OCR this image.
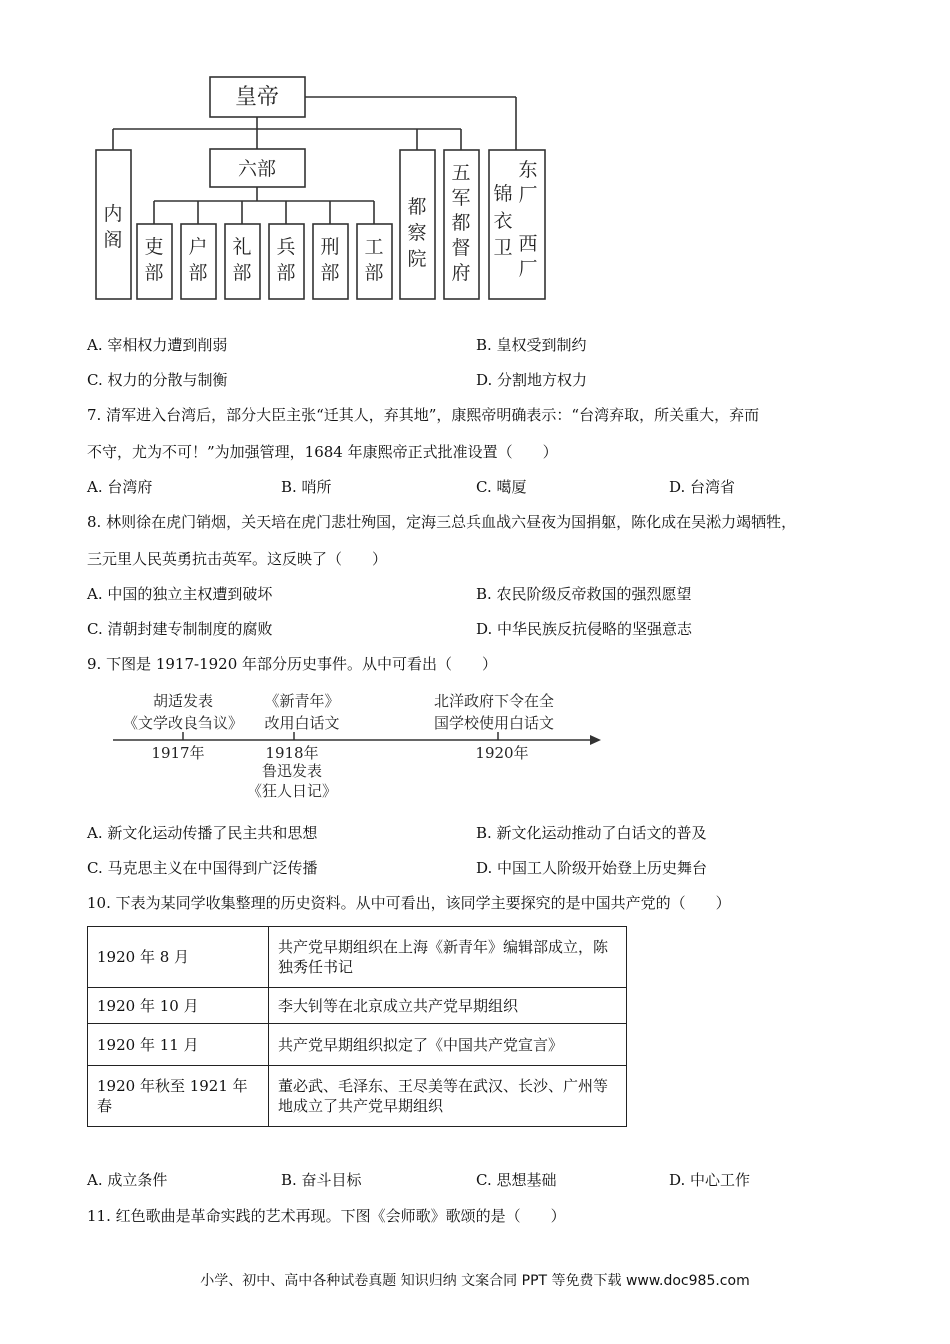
皇帝
六部
内
阁 吏
部
户
部
礼
部
兵
部
刑
部
工
部
都
察
院
五
军
都
督
府
锦
衣
卫
东
厂
西
厂
A. 宰相权力遭到削弱	B. 皇权受到制约
C. 权力的分散与制衡	D. 分割地方权力
7. 清军进入台湾后，部分大臣主张“迁其人，弃其地”，康熙帝明确表示：“台湾弃取，所关重大，弃而
不守，尤为不可！”为加强管理，1684 年康熙帝正式批准设置（　　）
A. 台湾府	B. 哨所	C. 噶厦	D. 台湾省
8. 林则徐在虎门销烟，关天培在虎门悲壮殉国，定海三总兵血战六昼夜为国捐躯，陈化成在吴淞力竭牺牲，
三元里人民英勇抗击英军。这反映了（　　）
A. 中国的独立主权遭到破坏	B. 农民阶级反帝救国的强烈愿望
C. 清朝封建专制制度的腐败	D. 中华民族反抗侵略的坚强意志
9. 下图是 1917-1920 年部分历史事件。从中可看出（　　）
胡适发表
《文学改良刍议》
《新青年》
改用白话文
北洋政府下令在全
国学校使用白话文
1917年	1918年	1920年
鲁迅发表
《狂人日记》
A. 新文化运动传播了民主共和思想	B. 新文化运动推动了白话文的普及
C. 马克思主义在中国得到广泛传播	D. 中国工人阶级开始登上历史舞台
10. 下表为某同学收集整理的历史资料。从中可看出，该同学主要探究的是中国共产党的（　　）
1920 年 8 月	共产党早期组织在上海《新青年》编辑部成立，陈独秀任书记
1920 年 10 月	李大钊等在北京成立共产党早期组织
1920 年 11 月	共产党早期组织拟定了《中国共产党宣言》
1920 年秋至 1921 年春	董必武、毛泽东、王尽美等在武汉、长沙、广州等地成立了共产党早期组织
A. 成立条件	B. 奋斗目标	C. 思想基础	D. 中心工作
11. 红色歌曲是革命实践的艺术再现。下图《会师歌》歌颂的是（　　）
小学、初中、高中各种试卷真题 知识归纳 文案合同 PPT 等免费下载 www.doc985.com
